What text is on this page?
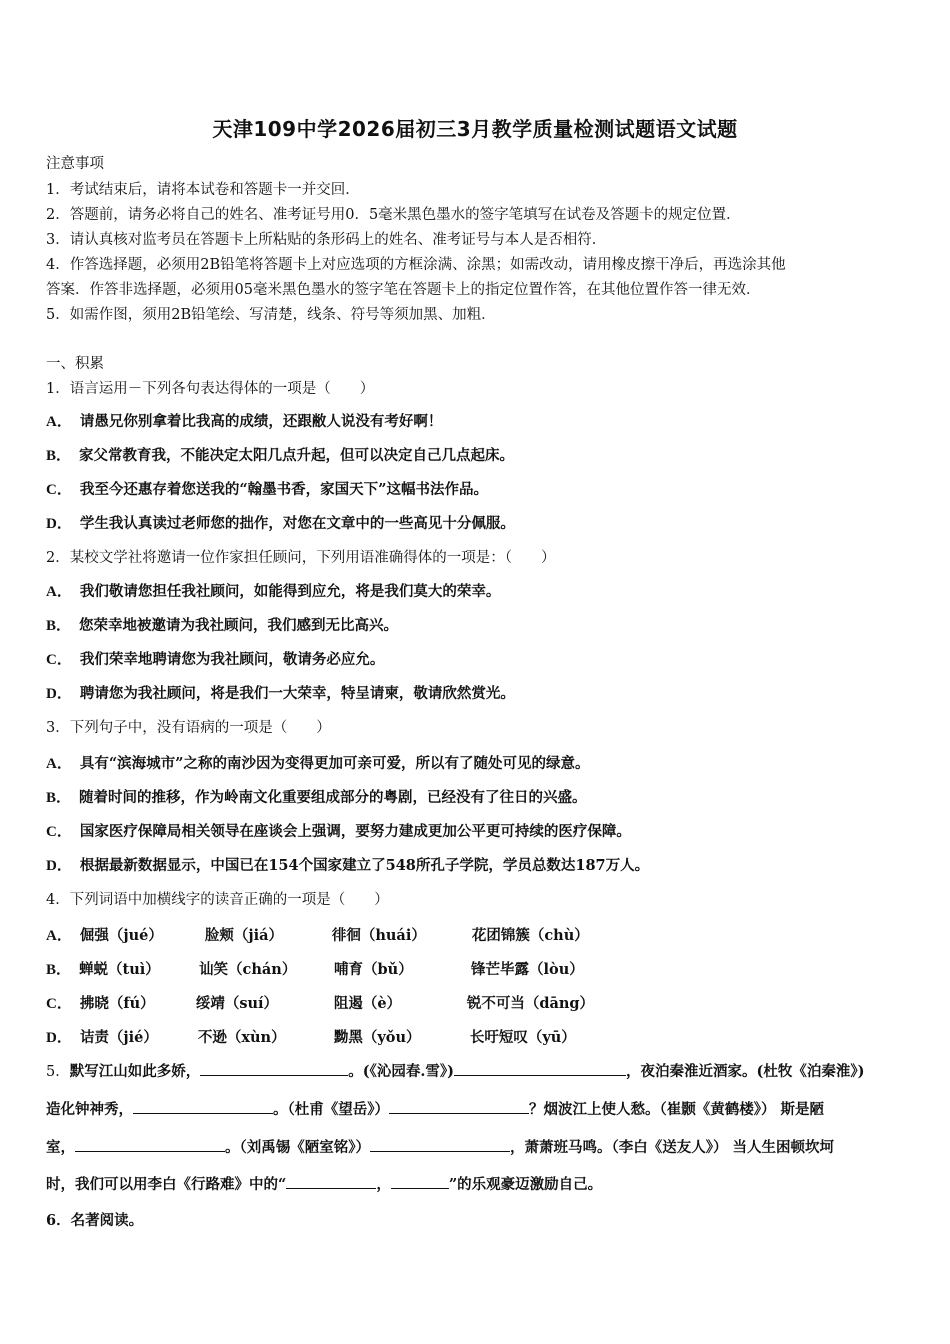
天津109中学2026届初三3月教学质量检测试题语文试题
注意事项
1．考试结束后，请将本试卷和答题卡一并交回．
2．答题前，请务必将自己的姓名、准考证号用0．5毫米黑色墨水的签字笔填写在试卷及答题卡的规定位置．
3．请认真核对监考员在答题卡上所粘贴的条形码上的姓名、准考证号与本人是否相符．
4．作答选择题，必须用2B铅笔将答题卡上对应选项的方框涂满、涂黑；如需改动，请用橡皮擦干净后，再选涂其他
答案．作答非选择题，必须用05毫米黑色墨水的签字笔在答题卡上的指定位置作答，在其他位置作答一律无效．
5．如需作图，须用2B铅笔绘、写清楚，线条、符号等须加黑、加粗．
一、积累
1．语言运用－下列各句表达得体的一项是（　　）
A． 请愚兄你别拿着比我高的成绩，还跟敝人说没有考好啊！
B． 家父常教育我，不能决定太阳几点升起，但可以决定自己几点起床。
C． 我至今还惠存着您送我的“翰墨书香，家国天下”这幅书法作品。
D． 学生我认真读过老师您的拙作，对您在文章中的一些高见十分佩服。
2．某校文学社将邀请一位作家担任顾问，下列用语准确得体的一项是：（　　）
A． 我们敬请您担任我社顾问，如能得到应允，将是我们莫大的荣幸。
B． 您荣幸地被邀请为我社顾问，我们感到无比高兴。
C． 我们荣幸地聘请您为我社顾问，敬请务必应允。
D． 聘请您为我社顾问，将是我们一大荣幸，特呈请柬，敬请欣然赏光。
3．下列句子中，没有语病的一项是（　　）
A． 具有“滨海城市”之称的南沙因为变得更加可亲可爱，所以有了随处可见的绿意。
B． 随着时间的推移，作为岭南文化重要组成部分的粤剧，已经没有了往日的兴盛。
C． 国家医疗保障局相关领导在座谈会上强调，要努力建成更加公平更可持续的医疗保障。
D． 根据最新数据显示，中国已在154个国家建立了548所孔子学院，学员总数达187万人。
4．下列词语中加横线字的读音正确的一项是（　　）
A． 倔强（jué）	脸颊（jiá）	徘徊（huái）	花团锦簇（chù）
B． 蝉蜕（tuì）	讪笑（chán）	哺育（bǔ）	锋芒毕露（lòu）
C． 拂晓（fú）	绥靖（suí）	阻遏（è）	锐不可当（dāng）
D． 诘责（jié）	不逊（xùn）	黝黑（yǒu）	长吁短叹（yū）
5．默写江山如此多娇，	。(《沁园春.雪》)	，夜泊秦淮近酒家。(杜牧《泊秦淮》)
造化钟神秀，	。（杜甫《望岳》）	？烟波江上使人愁。（崔颢《黄鹤楼》） 斯是陋
室，	。（刘禹锡《陋室铭》）	，萧萧班马鸣。（李白《送友人》） 当人生困顿坎坷
时，我们可以用李白《行路难》中的“	，	”的乐观豪迈激励自己。
6．名著阅读。
